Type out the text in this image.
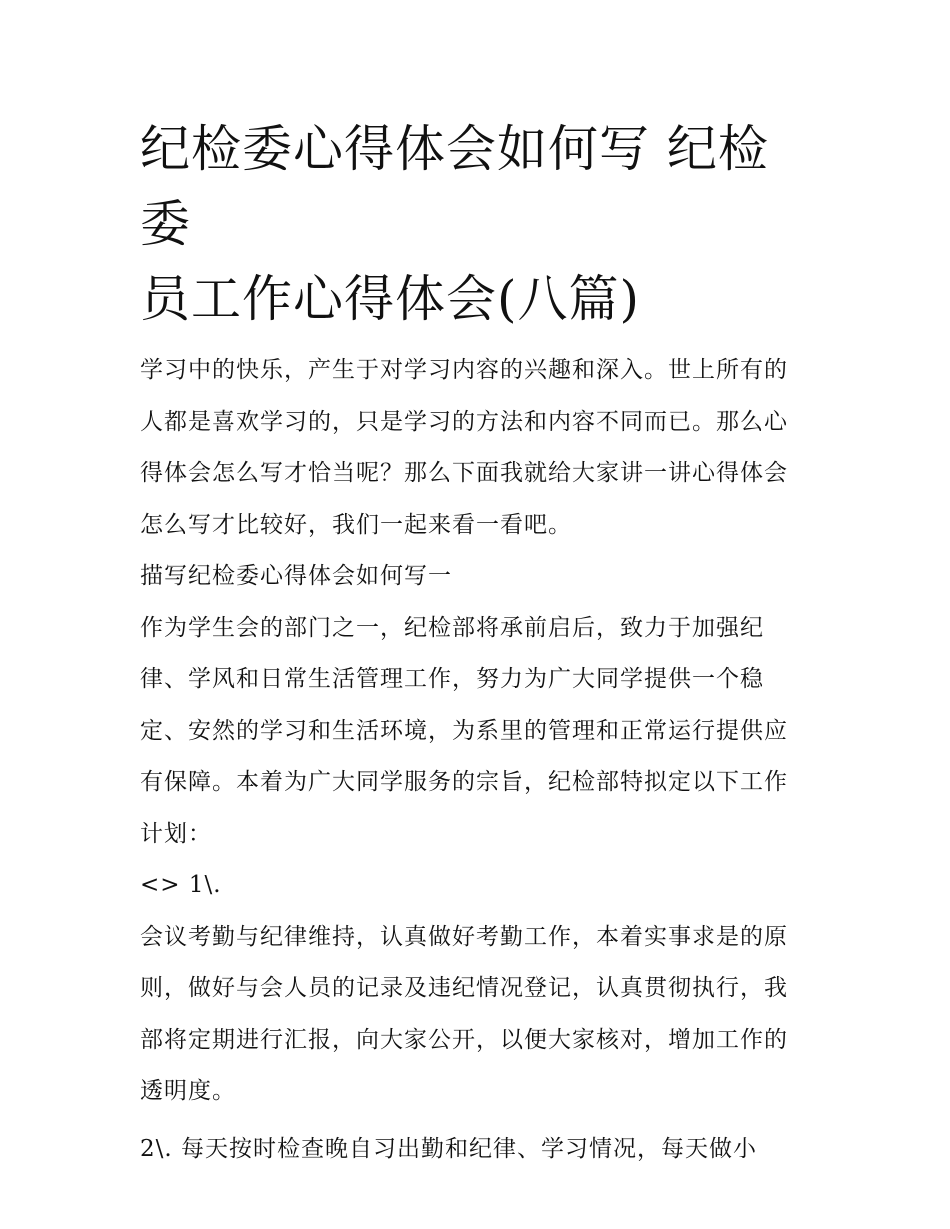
纪检委心得体会如何写 纪检委
员工作心得体会(八篇)

学习中的快乐，产生于对学习内容的兴趣和深入。世上所有的
人都是喜欢学习的，只是学习的方法和内容不同而已。那么心
得体会怎么写才恰当呢？那么下面我就给大家讲一讲心得体会
怎么写才比较好，我们一起来看一看吧。

描写纪检委心得体会如何写一

作为学生会的部门之一，纪检部将承前启后，致力于加强纪
律、学风和日常生活管理工作，努力为广大同学提供一个稳
定、安然的学习和生活环境，为系里的管理和正常运行提供应
有保障。本着为广大同学服务的宗旨，纪检部特拟定以下工作
计划：

<> 1\.

会议考勤与纪律维持，认真做好考勤工作，本着实事求是的原
则，做好与会人员的记录及违纪情况登记，认真贯彻执行，我
部将定期进行汇报，向大家公开，以便大家核对，增加工作的
透明度。

2\. 每天按时检查晚自习出勤和纪律、学习情况，每天做小
